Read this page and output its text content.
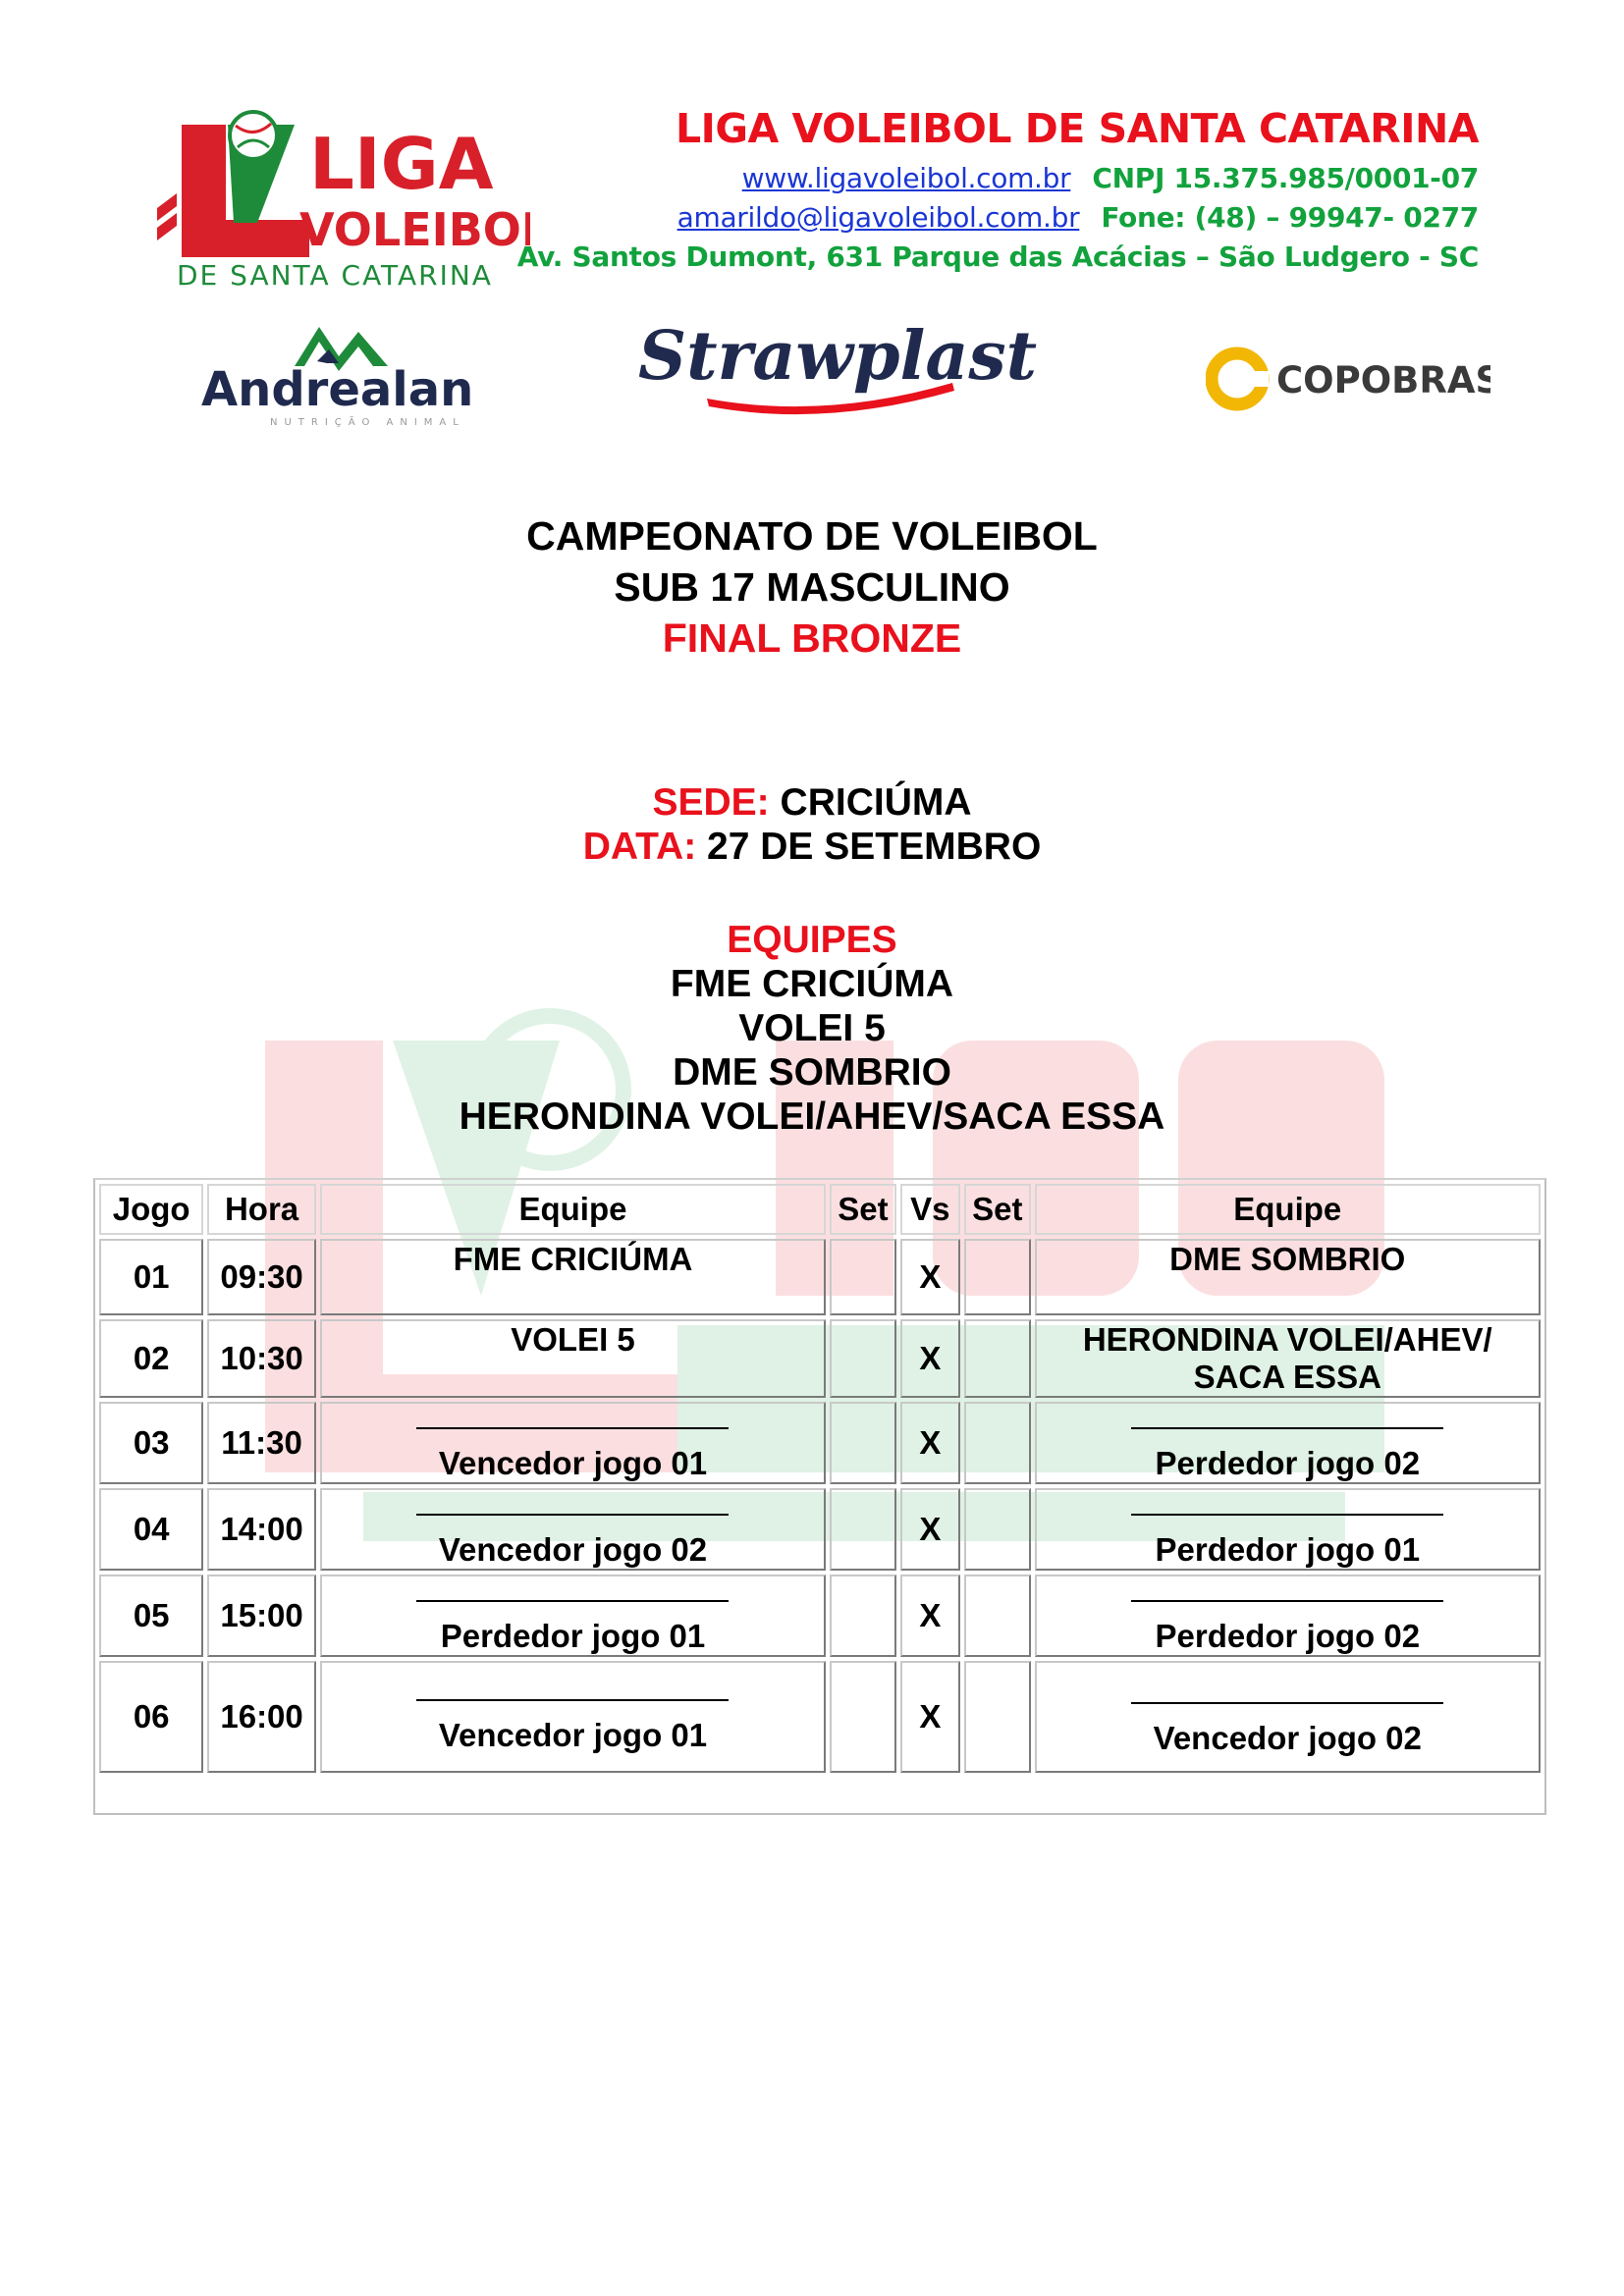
LIGA
VOLEIBOL
DE SANTA CATARINA
LIGA VOLEIBOL DE SANTA CATARINA
www.ligavoleibol.com.br CNPJ 15.375.985/0001-07
amarildo@ligavoleibol.com.br Fone: (48) – 99947- 0277
Av. Santos Dumont, 631 Parque das Acácias – São Ludgero - SC
Andrealan
NUTRIÇÃO ANIMAL
Strawplast	COPOBRAS
CAMPEONATO DE VOLEIBOL
SUB 17 MASCULINO
FINAL BRONZE
SEDE: CRICIÚMA
DATA: 27 DE SETEMBRO
EQUIPES
FME CRICIÚMA
VOLEI 5
DME SOMBRIO
HERONDINA VOLEI/AHEV/SACA ESSA
Jogo	Hora	Equipe	Set	Vs	Set	Equipe
01	09:30	FME CRICIÚMA		X		DME SOMBRIO
02	10:30	VOLEI 5		X		HERONDINA VOLEI/AHEV/
SACA ESSA

03	11:30	Vencedor jogo 01		X		Perdedor jogo 02

04	14:00	Vencedor jogo 02		X		Perdedor jogo 01

05	15:00	Perdedor jogo 01		X		Perdedor jogo 02

06	16:00	Vencedor jogo 01		X		Vencedor jogo 02
